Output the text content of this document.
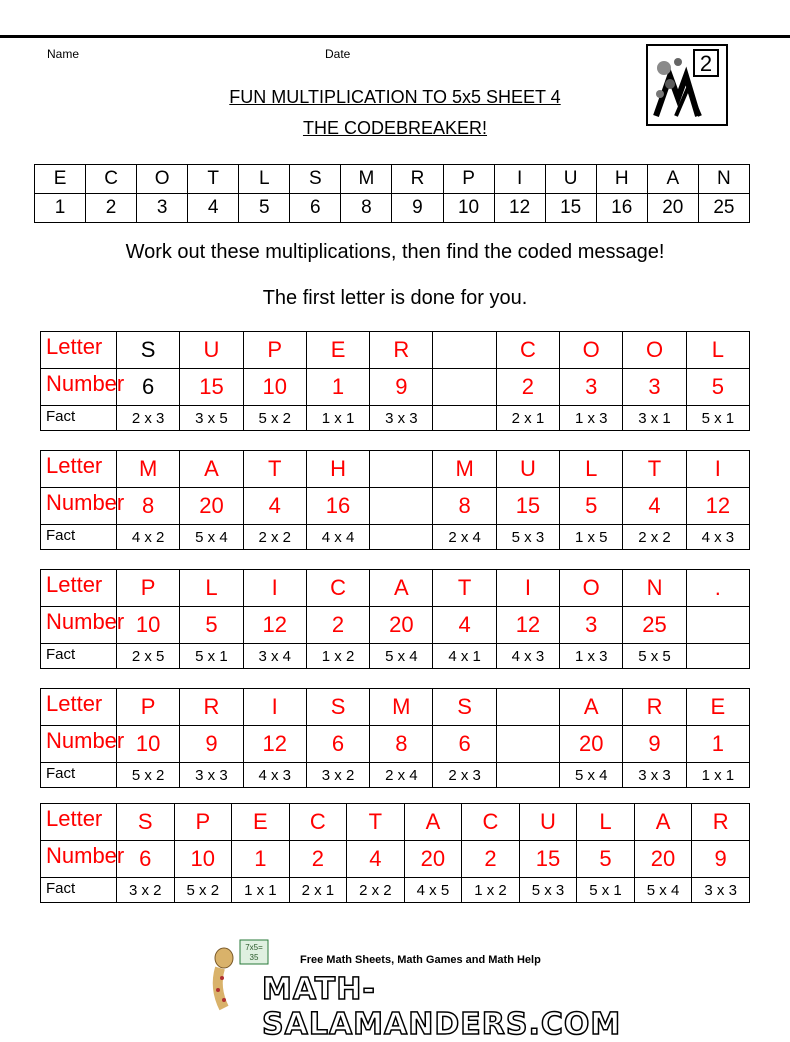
Name	Date
FUN MULTIPLICATION TO 5x5 SHEET 4
THE CODEBREAKER!
2
E	C	O	T	L	S	M	R	P	I	U	H	A	N
1	2	3	4	5	6	8	9	10	12	15	16	20	25
Work out these multiplications, then find the coded message!
The first letter is done for you.
Letter	S	U	P	E	R		C	O	O	L
Number	6	15	10	1	9		2	3	3	5
Fact	2 x 3	3 x 5	5 x 2	1 x 1	3 x 3		2 x 1	1 x 3	3 x 1	5 x 1
Letter	M	A	T	H		M	U	L	T	I
Number	8	20	4	16		8	15	5	4	12
Fact	4 x 2	5 x 4	2 x 2	4 x 4		2 x 4	5 x 3	1 x 5	2 x 2	4 x 3
Letter	P	L	I	C	A	T	I	O	N	.
Number	10	5	12	2	20	4	12	3	25	
Fact	2 x 5	5 x 1	3 x 4	1 x 2	5 x 4	4 x 1	4 x 3	1 x 3	5 x 5	
Letter	P	R	I	S	M	S		A	R	E
Number	10	9	12	6	8	6		20	9	1
Fact	5 x 2	3 x 3	4 x 3	3 x 2	2 x 4	2 x 3		5 x 4	3 x 3	1 x 1
Letter	S	P	E	C	T	A	C	U	L	A	R
Number	6	10	1	2	4	20	2	15	5	20	9
Fact	3 x 2	5 x 2	1 x 1	2 x 1	2 x 2	4 x 5	1 x 2	5 x 3	5 x 1	5 x 4	3 x 3
7x5=
35	Free Math Sheets, Math Games and Math Help
MATH-SALAMANDERS.COM
